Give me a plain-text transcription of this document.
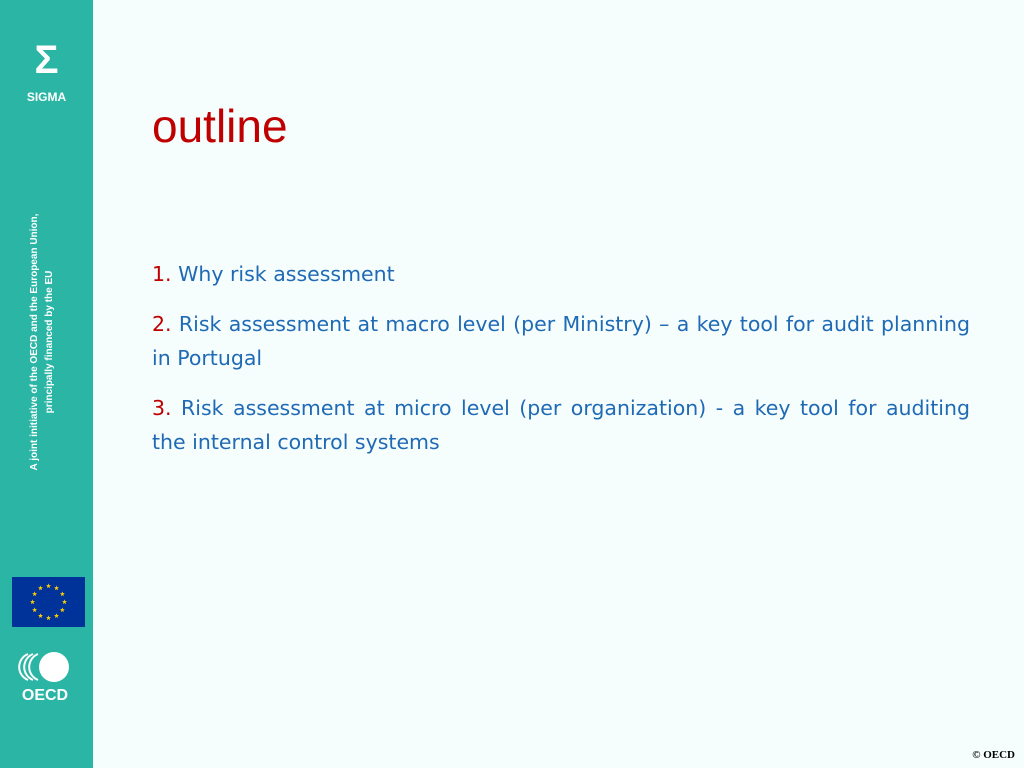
Σ
SIGMA
A joint initiative of the OECD and the European Union, principally financed by the EU
OECD
outline

1. Why risk assessment

2. Risk assessment at macro level (per Ministry) – a key tool for audit planning in Portugal

3. Risk assessment at micro level (per organization) - a key tool for auditing the internal control systems

© OECD
